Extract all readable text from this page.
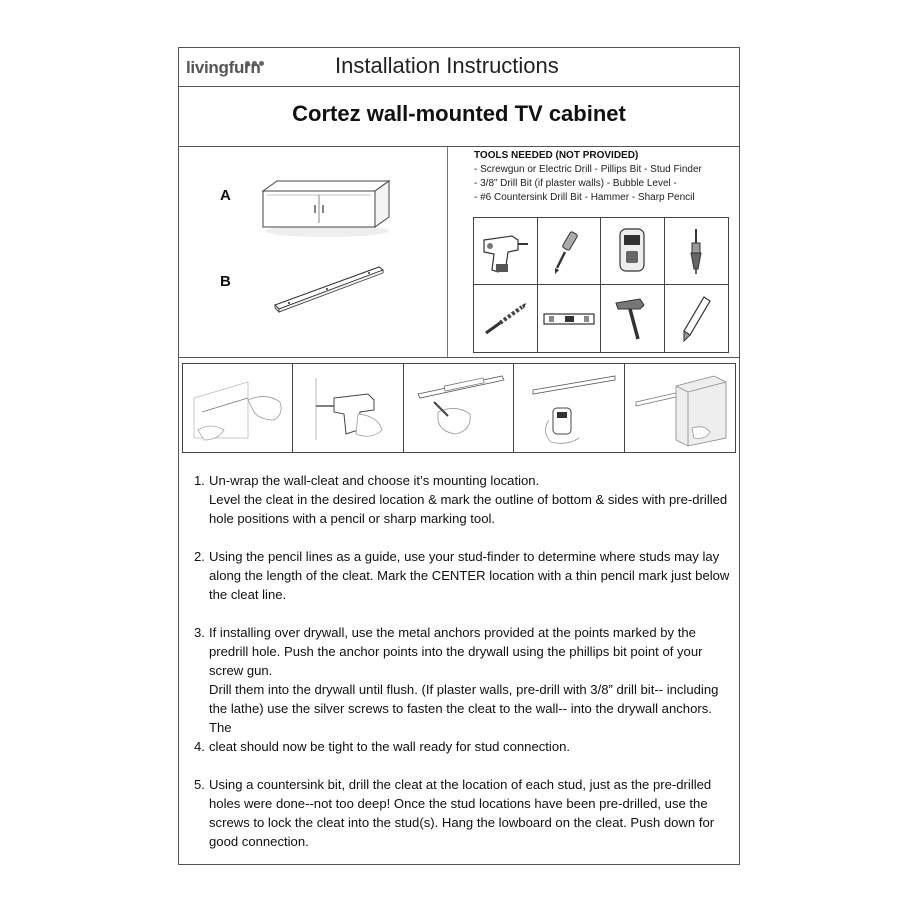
livingfurn	Installation Instructions
Cortez wall-mounted TV cabinet
A
B
TOOLS NEEDED (NOT PROVIDED)
- Screwgun or Electric Drill - Pillips Bit - Stud Finder
- 3/8” Drill Bit (if plaster walls) - Bubble Level -
- #6 Countersink Drill Bit - Hammer - Sharp Pencil
1. Un-wrap the wall-cleat and choose it’s mounting location.

Level the cleat in the desired location & mark the outline of bottom & sides with pre-drilled

hole positions with a pencil or sharp marking tool.

2. Using the pencil lines as a guide, use your stud-finder to determine where studs may lay

along the length of the cleat. Mark the CENTER location with a thin pencil mark just below

the cleat line.

3. If installing over drywall, use the metal anchors provided at the points marked by the

predrill hole. Push the anchor points into the drywall using the phillips bit point of your

screw gun.

Drill them into the drywall until flush. (If plaster walls, pre-drill with 3/8” drill bit-- including

the lathe) use the silver screws to fasten the cleat to the wall-- into the drywall anchors.

The

4. cleat should now be tight to the wall ready for stud connection.

5. Using a countersink bit, drill the cleat at the location of each stud, just as the pre-drilled

holes were done--not too deep! Once the stud locations have been pre-drilled, use the

screws to lock the cleat into the stud(s). Hang the lowboard on the cleat. Push down for

good connection.
